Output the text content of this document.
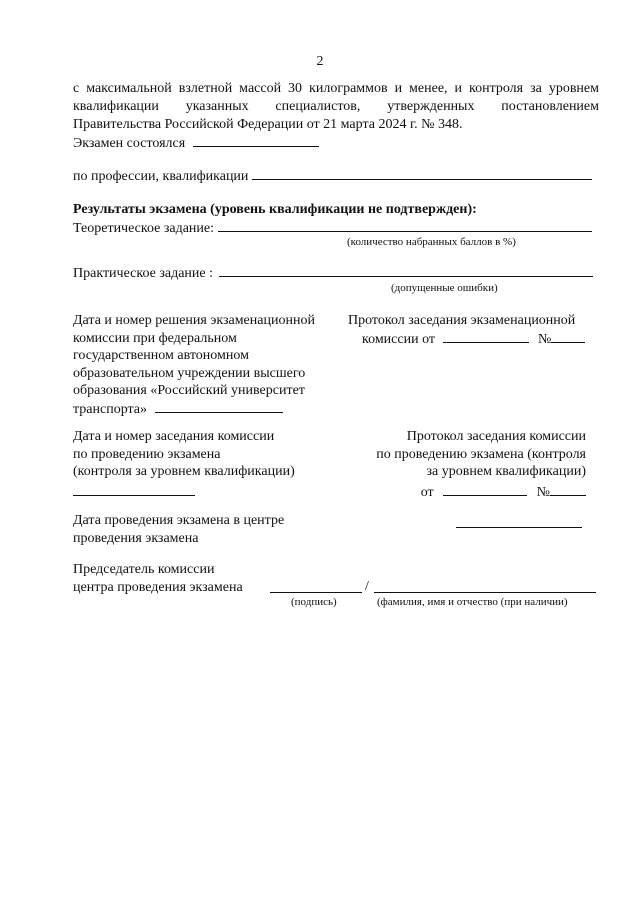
2
с максимальной взлетной массой 30 килограммов и менее, и контроля за уровнем
квалификации указанных специалистов, утвержденных постановлением
Правительства Российской Федерации от 21 марта 2024 г. № 348.
Экзамен состоялся
по профессии, квалификации
Результаты экзамена (уровень квалификации не подтвержден):
Теоретическое задание:
(количество набранных баллов в %)
Практическое задание :
(допущенные ошибки)
Дата и номер решения экзаменационной
комиссии при федеральном
государственном автономном
образовательном учреждении высшего
образования «Российский университет
транспорта»
Протокол заседания экзаменационной
комиссии от	№
Дата и номер заседания комиссии
по проведению экзамена
(контроля за уровнем квалификации)
Протокол заседания комиссии
по проведению экзамена (контроля
за уровнем квалификации)
от	№
Дата проведения экзамена в центре
проведения экзамена
Председатель комиссии
центра проведения экзамена	/
(подпись)	(фамилия, имя и отчество (при наличии)
